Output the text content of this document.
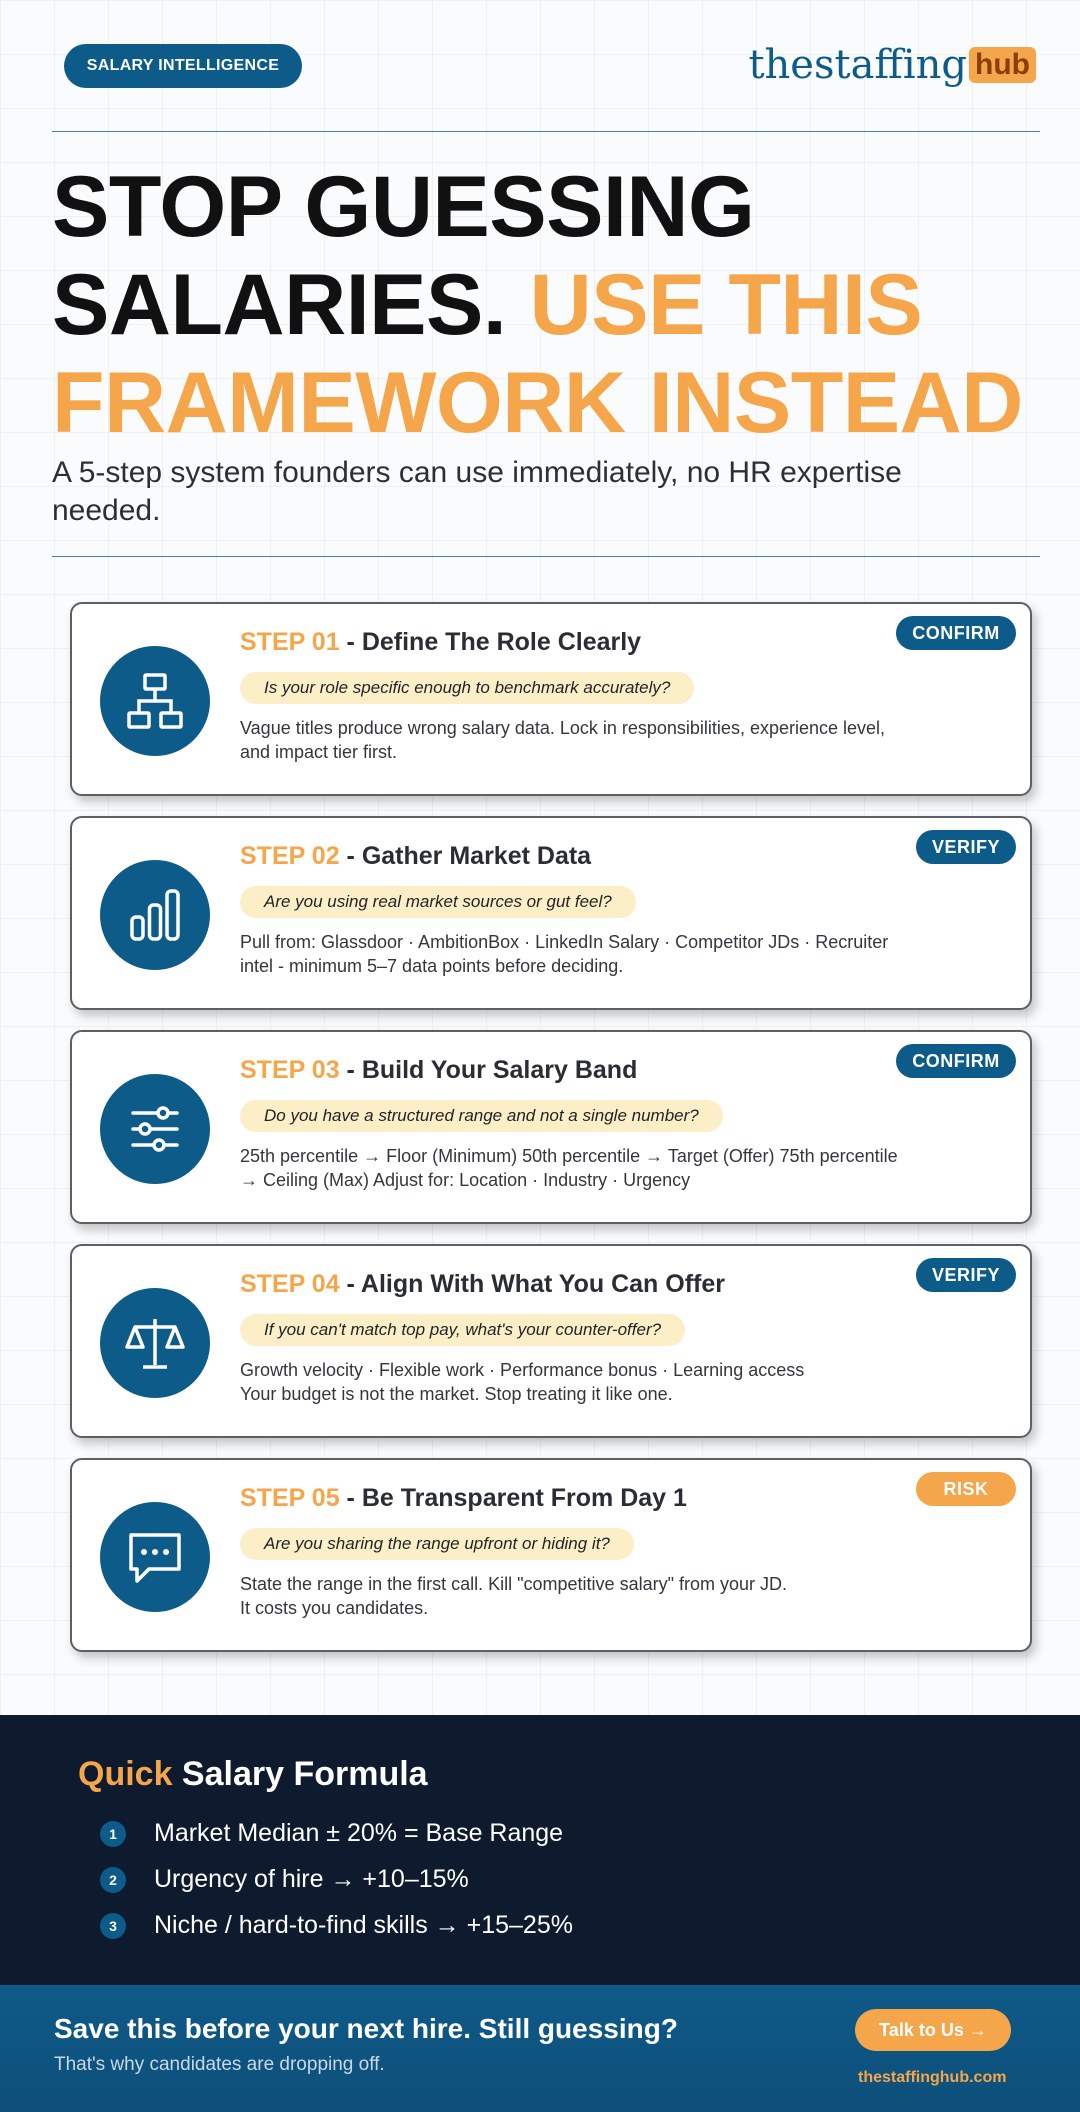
SALARY INTELLIGENCE	thestaffing hub
STOP GUESSING
SALARIES. USE THIS
FRAMEWORK INSTEAD
A 5-step system founders can use immediately, no HR expertise needed.
STEP 01 - Define The Role Clearly
Is your role specific enough to benchmark accurately?
Vague titles produce wrong salary data. Lock in responsibilities, experience level, and impact tier first.
CONFIRM
STEP 02 - Gather Market Data
Are you using real market sources or gut feel?
Pull from: Glassdoor · AmbitionBox · LinkedIn Salary · Competitor JDs · Recruiter intel - minimum 5–7 data points before deciding.
VERIFY
STEP 03 - Build Your Salary Band
Do you have a structured range and not a single number?
25th percentile → Floor (Minimum) 50th percentile → Target (Offer) 75th percentile → Ceiling (Max) Adjust for: Location · Industry · Urgency
CONFIRM
STEP 04 - Align With What You Can Offer
If you can't match top pay, what's your counter-offer?
Growth velocity · Flexible work · Performance bonus · Learning access
Your budget is not the market. Stop treating it like one.
VERIFY
STEP 05 - Be Transparent From Day 1
Are you sharing the range upfront or hiding it?
State the range in the first call. Kill "competitive salary" from your JD.
It costs you candidates.
RISK
Quick Salary Formula
1	Market Median ± 20% = Base Range
2	Urgency of hire → +10–15%
3	Niche / hard-to-find skills → +15–25%
Save this before your next hire. Still guessing?
That's why candidates are dropping off.
Talk to Us →
thestaffinghub.com
